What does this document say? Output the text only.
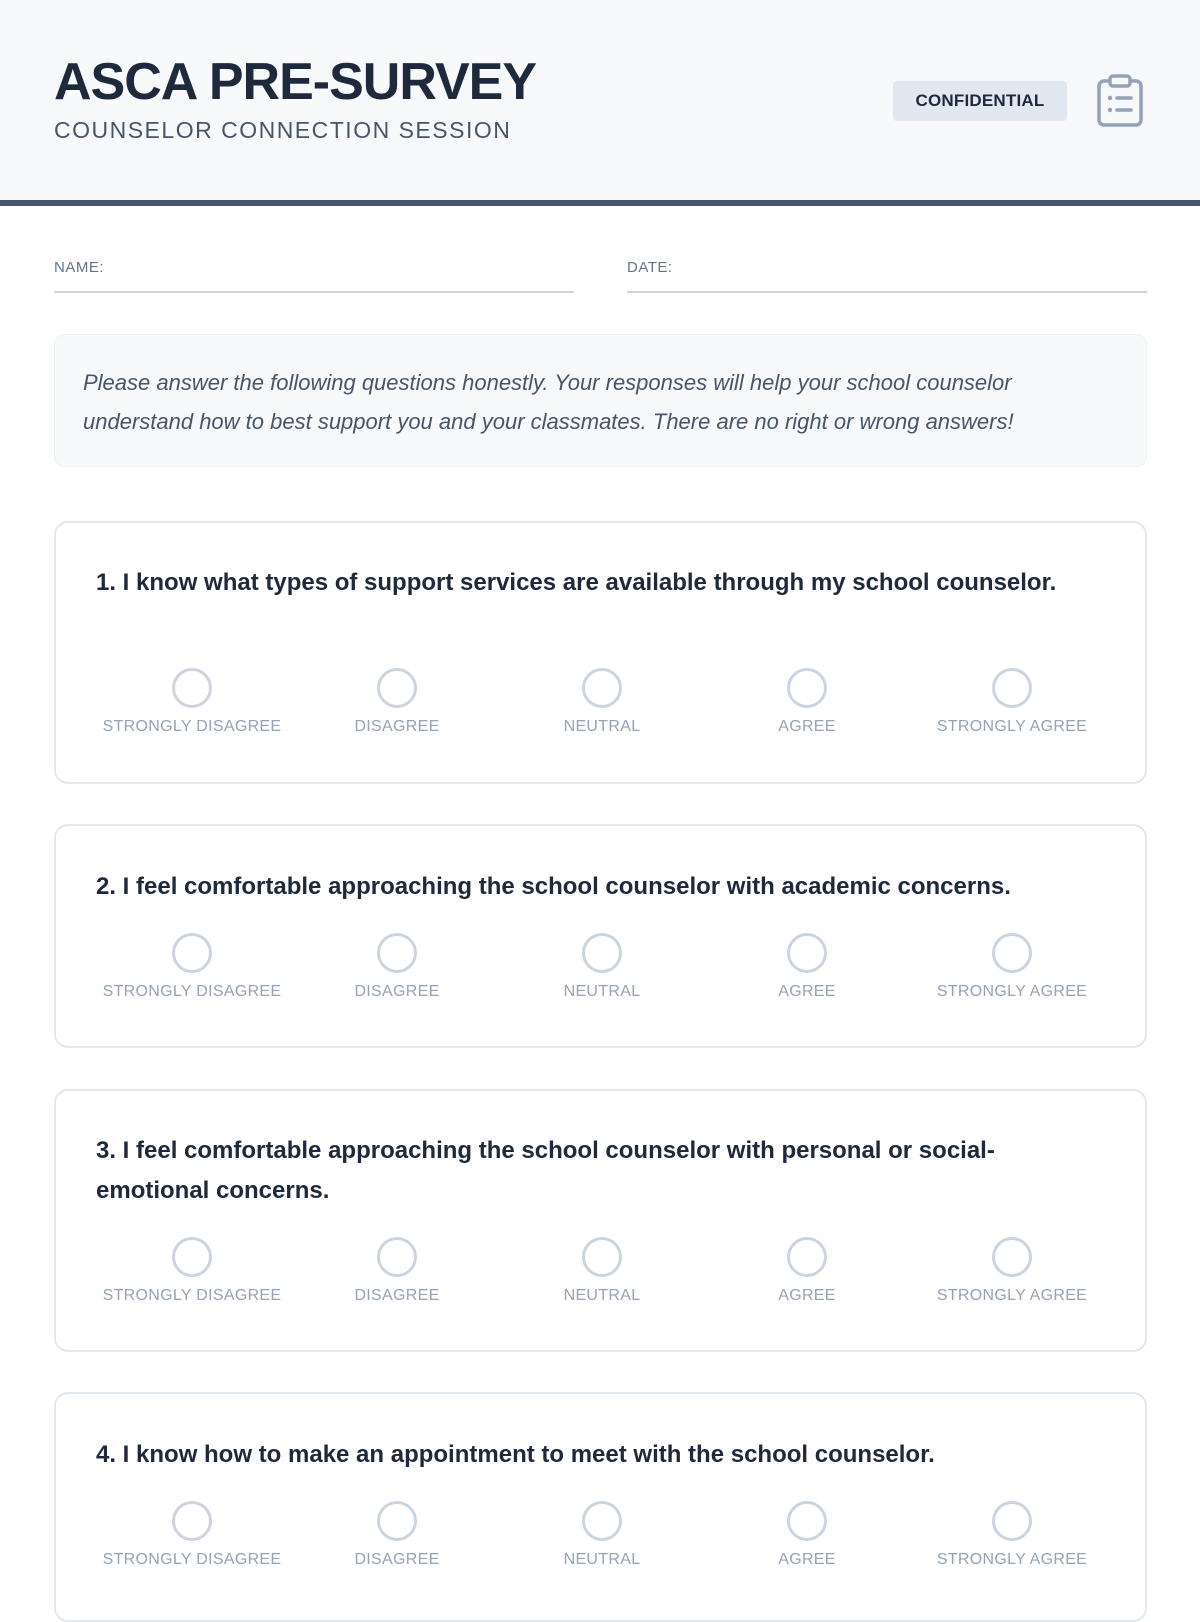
ASCA PRE-SURVEY
COUNSELOR CONNECTION SESSION
CONFIDENTIAL
NAME:	DATE:
Please answer the following questions honestly. Your responses will help your school counselor understand how to best support you and your classmates. There are no right or wrong answers!
1. I know what types of support services are available through my school counselor.
STRONGLY DISAGREE	DISAGREE	NEUTRAL	AGREE	STRONGLY AGREE
2. I feel comfortable approaching the school counselor with academic concerns.
STRONGLY DISAGREE	DISAGREE	NEUTRAL	AGREE	STRONGLY AGREE
3. I feel comfortable approaching the school counselor with personal or social-emotional concerns.
STRONGLY DISAGREE	DISAGREE	NEUTRAL	AGREE	STRONGLY AGREE
4. I know how to make an appointment to meet with the school counselor.
STRONGLY DISAGREE	DISAGREE	NEUTRAL	AGREE	STRONGLY AGREE
